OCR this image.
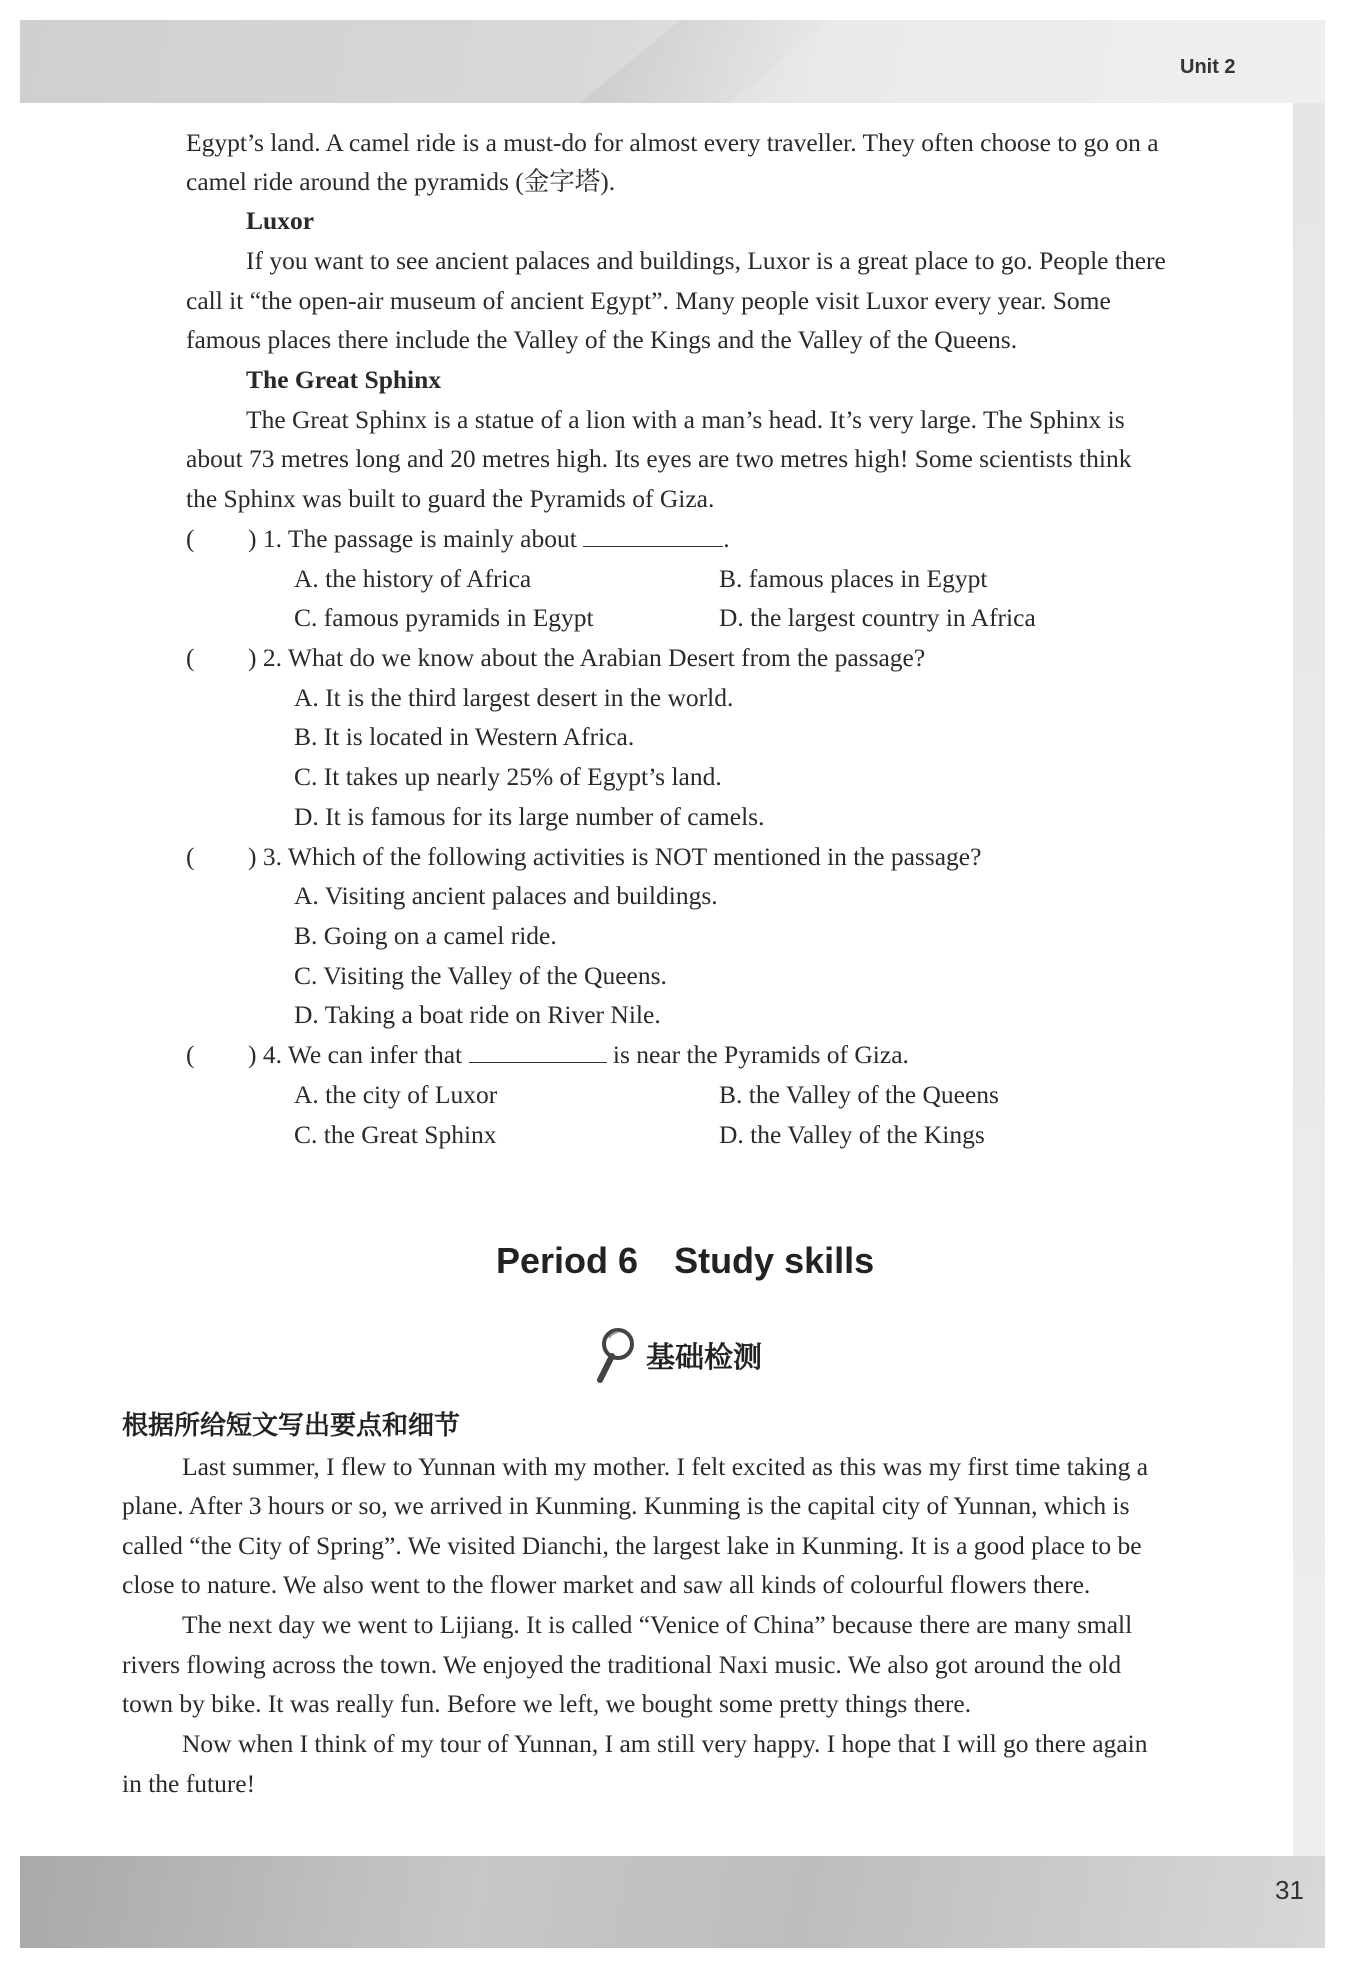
Unit 2
Egypt’s land. A camel ride is a must-do for almost every traveller. They often choose to go on a
camel ride around the pyramids (金字塔).
Luxor
If you want to see ancient palaces and buildings, Luxor is a great place to go. People there
call it “the open-air museum of ancient Egypt”. Many people visit Luxor every year. Some
famous places there include the Valley of the Kings and the Valley of the Queens.
The Great Sphinx
The Great Sphinx is a statue of a lion with a man’s head. It’s very large. The Sphinx is
about 73 metres long and 20 metres high. Its eyes are two metres high! Some scientists think
the Sphinx was built to guard the Pyramids of Giza.
( ) 1. The passage is mainly about	.
A. the history of Africa	B. famous places in Egypt
C. famous pyramids in Egypt	D. the largest country in Africa
( ) 2. What do we know about the Arabian Desert from the passage?
A. It is the third largest desert in the world.
B. It is located in Western Africa.
C. It takes up nearly 25% of Egypt’s land.
D. It is famous for its large number of camels.
( ) 3. Which of the following activities is NOT mentioned in the passage?
A. Visiting ancient palaces and buildings.
B. Going on a camel ride.
C. Visiting the Valley of the Queens.
D. Taking a boat ride on River Nile.
( ) 4. We can infer that	is near the Pyramids of Giza.
A. the city of Luxor	B. the Valley of the Queens
C. the Great Sphinx	D. the Valley of the Kings
Period 6 Study skills
基础检测
根据所给短文写出要点和细节
Last summer, I flew to Yunnan with my mother. I felt excited as this was my first time taking a
plane. After 3 hours or so, we arrived in Kunming. Kunming is the capital city of Yunnan, which is
called “the City of Spring”. We visited Dianchi, the largest lake in Kunming. It is a good place to be
close to nature. We also went to the flower market and saw all kinds of colourful flowers there.
The next day we went to Lijiang. It is called “Venice of China” because there are many small
rivers flowing across the town. We enjoyed the traditional Naxi music. We also got around the old
town by bike. It was really fun. Before we left, we bought some pretty things there.
Now when I think of my tour of Yunnan, I am still very happy. I hope that I will go there again
in the future!
31
